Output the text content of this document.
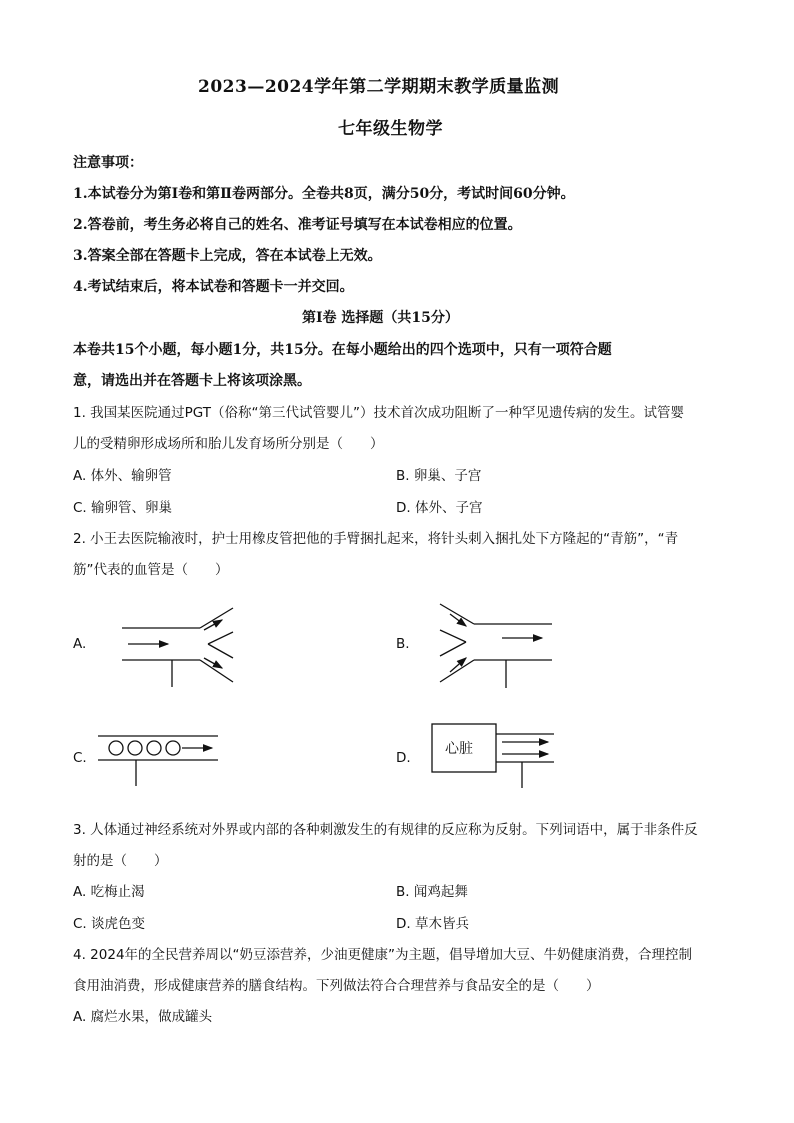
2023—2024学年第二学期期末教学质量监测
七年级生物学
注意事项：
1.本试卷分为第Ⅰ卷和第Ⅱ卷两部分。全卷共8页，满分50分，考试时间60分钟。
2.答卷前，考生务必将自己的姓名、准考证号填写在本试卷相应的位置。
3.答案全部在答题卡上完成，答在本试卷上无效。
4.考试结束后，将本试卷和答题卡一并交回。
第Ⅰ卷 选择题（共15分）
本卷共15个小题，每小题1分，共15分。在每小题给出的四个选项中，只有一项符合题
意，请选出并在答题卡上将该项涂黑。
1. 我国某医院通过PGT（俗称“第三代试管婴儿”）技术首次成功阻断了一种罕见遗传病的发生。试管婴
儿的受精卵形成场所和胎儿发育场所分别是（　　）
A. 体外、输卵管	B. 卵巢、子宫
C. 输卵管、卵巢	D. 体外、子宫
2. 小王去医院输液时，护士用橡皮管把他的手臂捆扎起来，将针头刺入捆扎处下方隆起的“青筋”，“青
筋”代表的血管是（　　）
A.	B.
C.	D.
心脏
3. 人体通过神经系统对外界或内部的各种刺激发生的有规律的反应称为反射。下列词语中，属于非条件反
射的是（　　）
A. 吃梅止渴	B. 闻鸡起舞
C. 谈虎色变	D. 草木皆兵
4. 2024年的全民营养周以“奶豆添营养，少油更健康”为主题，倡导增加大豆、牛奶健康消费，合理控制
食用油消费，形成健康营养的膳食结构。下列做法符合合理营养与食品安全的是（　　）
A. 腐烂水果，做成罐头
